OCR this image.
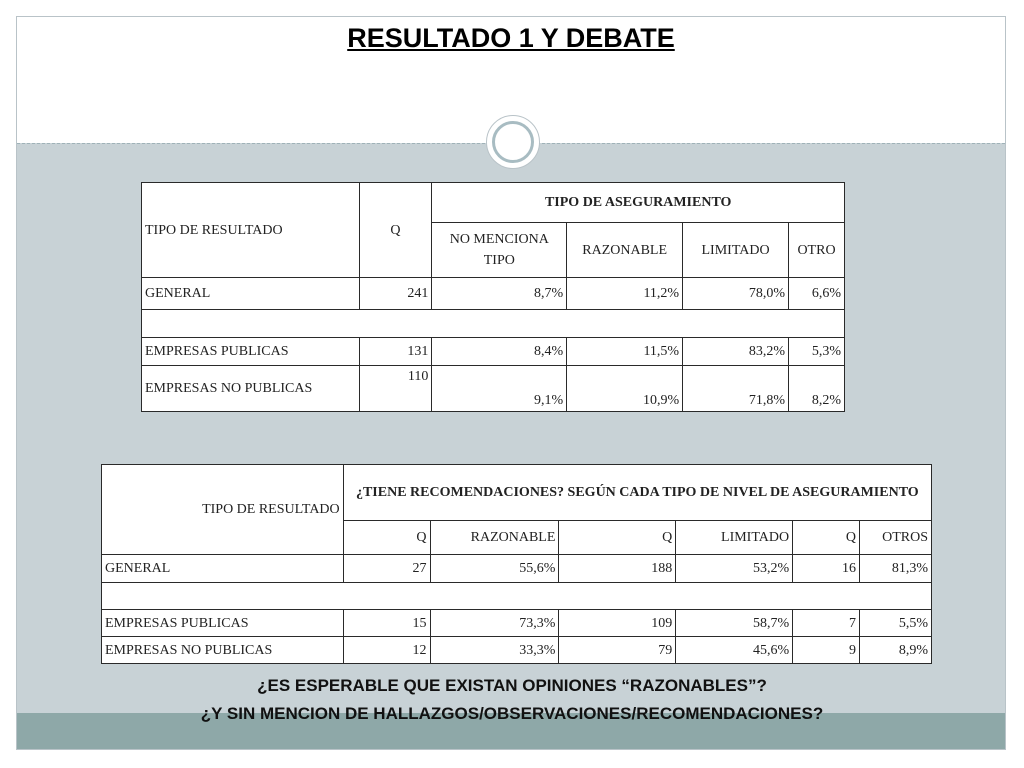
RESULTADO 1 Y DEBATE
TIPO DE RESULTADO	Q	TIPO DE ASEGURAMIENTO			
		NO MENCIONA TIPO	RAZONABLE	LIMITADO	OTRO
GENERAL	241	8,7%	11,2%	78,0%	6,6%

EMPRESAS PUBLICAS	131	8,4%	11,5%	83,2%	5,3%
EMPRESAS NO PUBLICAS	110	9,1%	10,9%	71,8%	8,2%
TIPO DE RESULTADO	¿TIENE RECOMENDACIONES? SEGÚN CADA TIPO DE NIVEL DE ASEGURAMIENTO					
	Q	RAZONABLE	Q	LIMITADO	Q	OTROS
GENERAL	27	55,6%	188	53,2%	16	81,3%

EMPRESAS PUBLICAS	15	73,3%	109	58,7%	7	5,5%
EMPRESAS NO PUBLICAS	12	33,3%	79	45,6%	9	8,9%
¿ES ESPERABLE QUE EXISTAN OPINIONES “RAZONABLES”?
¿Y SIN MENCION DE HALLAZGOS/OBSERVACIONES/RECOMENDACIONES?
